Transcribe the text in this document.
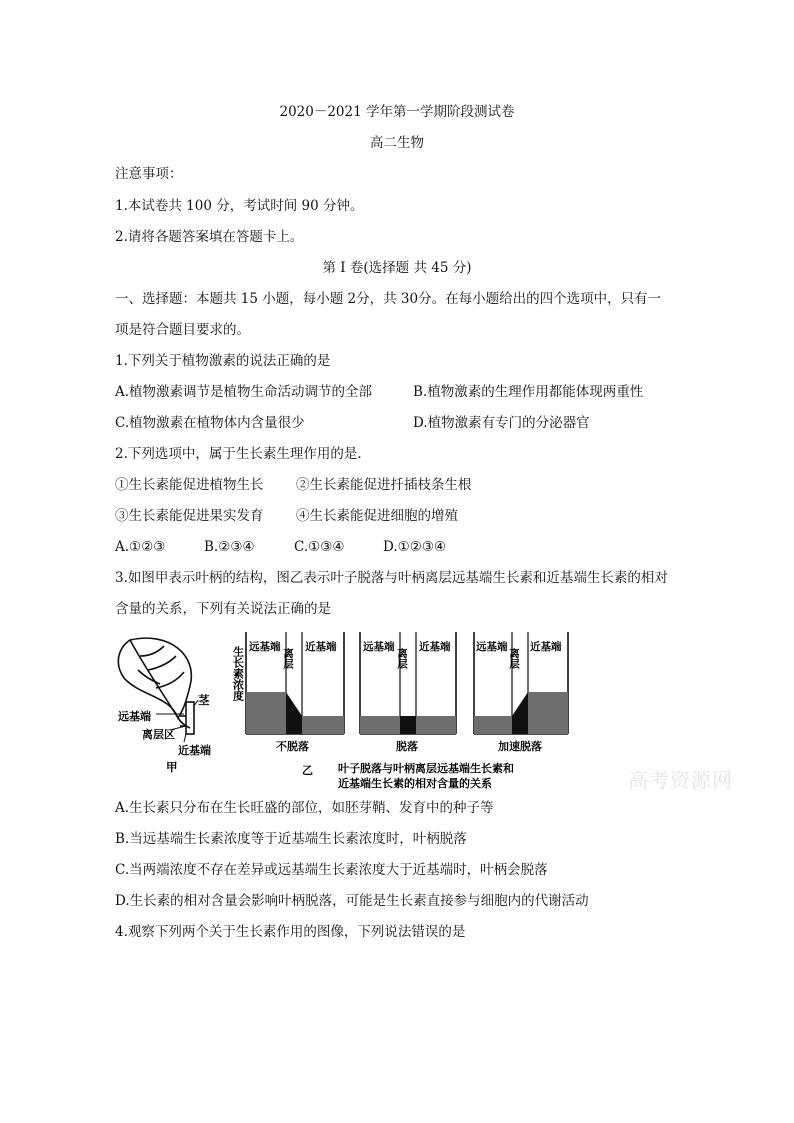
2020－2021 学年第一学期阶段测试卷
高二生物
注意事项：
1.本试卷共 100 分，考试时间 90 分钟。
2.请将各题答案填在答题卡上。
第 I 卷(选择题 共 45 分)
一、选择题：本题共 15 小题，每小题 2分，共 30分。在每小题给出的四个选项中，只有一
项是符合题目要求的。
1.下列关于植物激素的说法正确的是
A.植物激素调节是植物生命活动调节的全部	B.植物激素的生理作用都能体现两重性
C.植物激素在植物体内含量很少	D.植物激素有专门的分泌器官
2.下列选项中，属于生长素生理作用的是.
①生长素能促进植物生长 ②生长素能促进扦插枝条生根
③生长素能促进果实发育 ④生长素能促进细胞的增殖
A.①②③	B.②③④	C.①③④	D.①②③④
3.如图甲表示叶柄的结构，图乙表示叶子脱落与叶柄离层远基端生长素和近基端生长素的相对
含量的关系，下列有关说法正确的是
茎
远基端
离层区
近基端
甲
生长素浓度 远基端
离层
近基端	远基端
离层
近基端 远基端
离层
近基端
不脱落	脱落	加速脱落
乙 叶子脱落与叶柄离层远基端生长素和
近基端生长素的相对含量的关系	高考资源网
A.生长素只分布在生长旺盛的部位，如胚芽鞘、发育中的种子等
B.当远基端生长素浓度等于近基端生长素浓度时，叶柄脱落
C.当两端浓度不存在差异或远基端生长素浓度大于近基端时，叶柄会脱落
D.生长素的相对含量会影响叶柄脱落，可能是生长素直接参与细胞内的代谢活动
4.观察下列两个关于生长素作用的图像，下列说法错误的是
